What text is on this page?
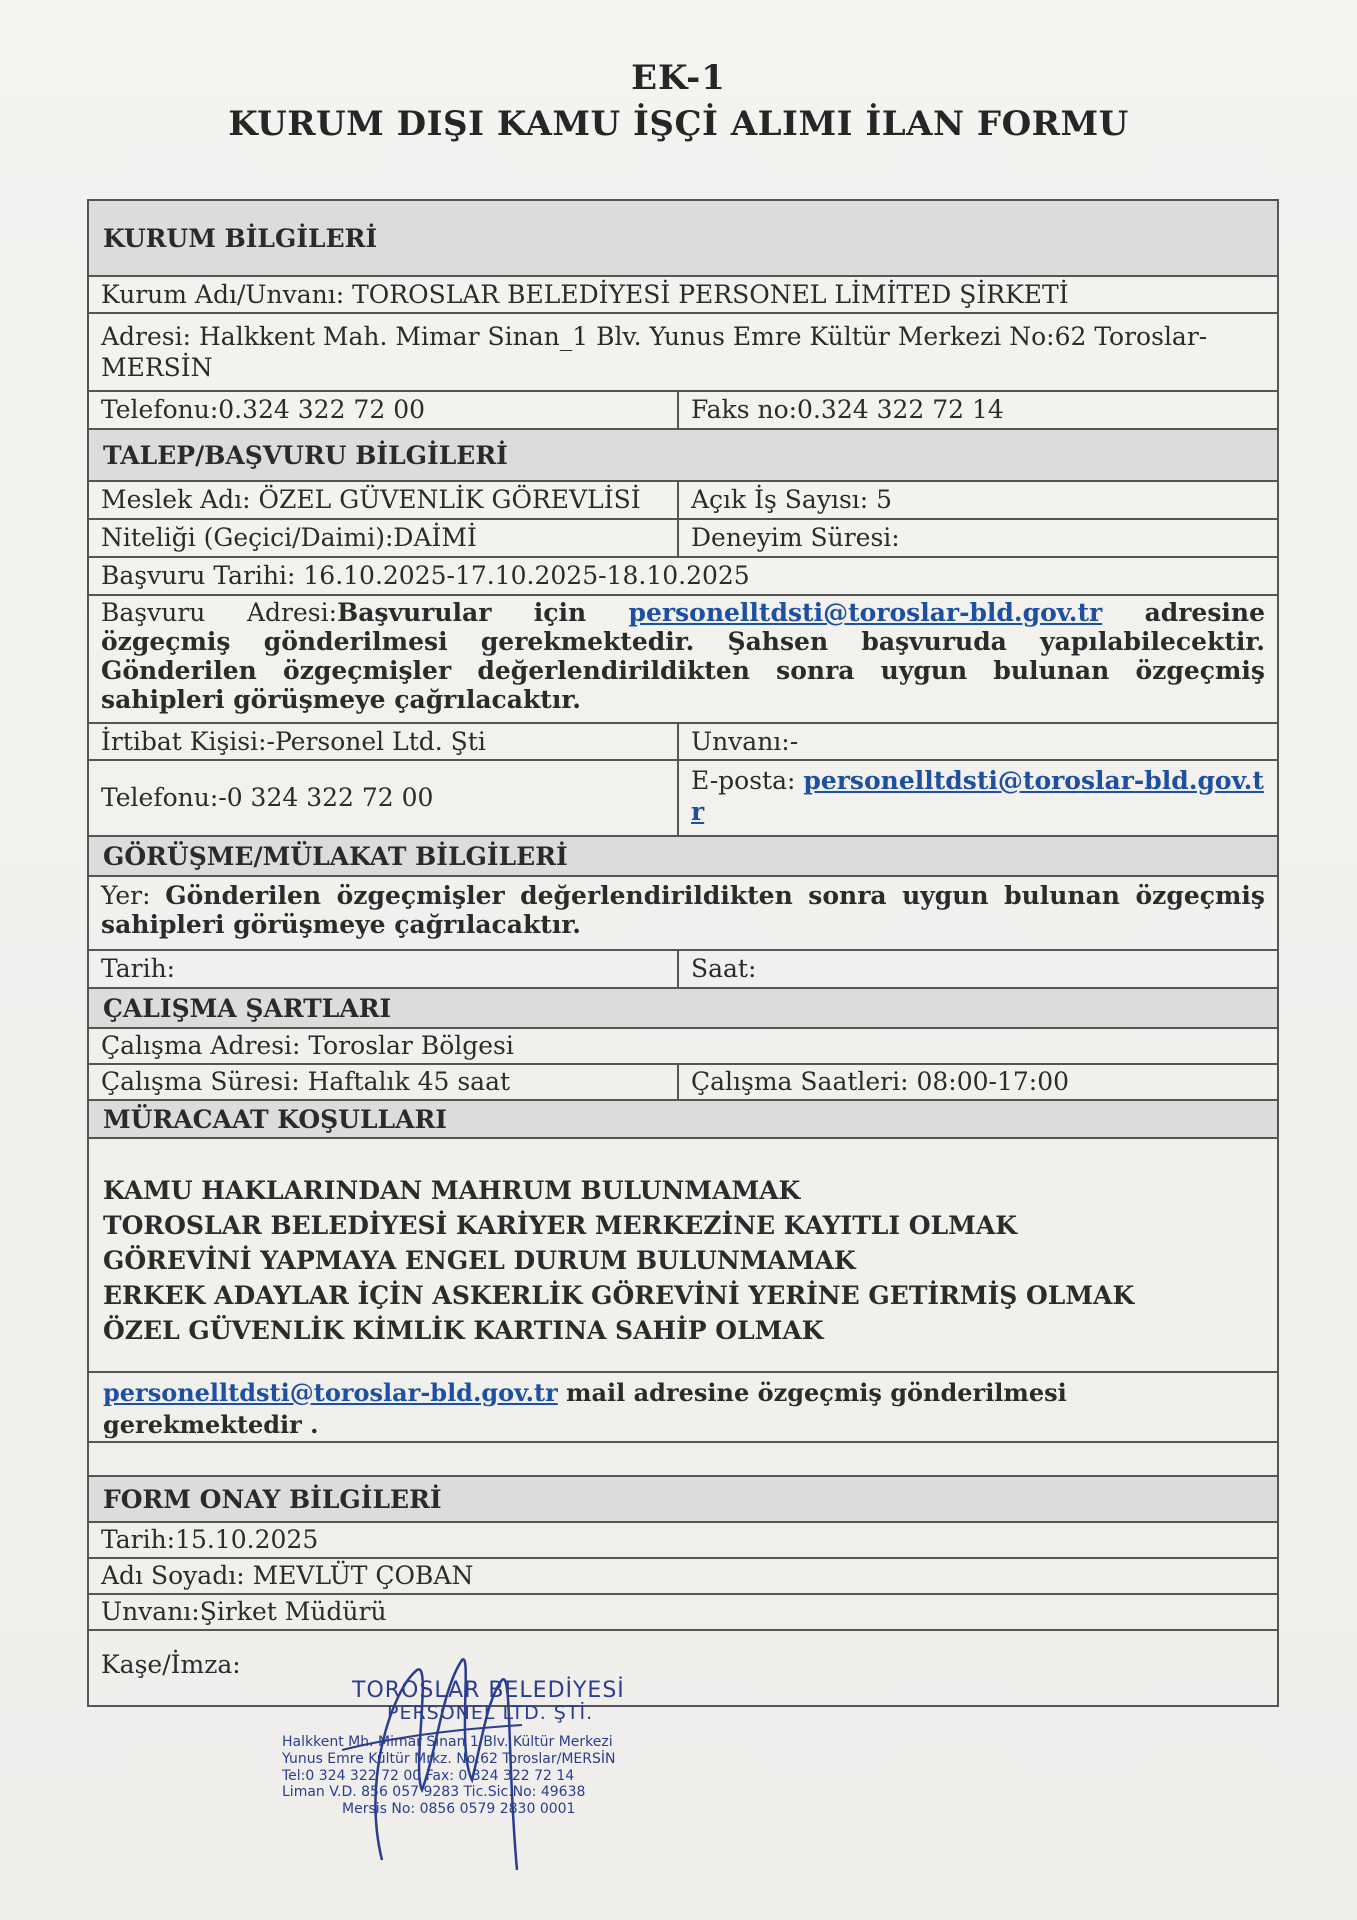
EK-1
KURUM DIŞI KAMU İŞÇİ ALIMI İLAN FORMU
KURUM BİLGİLERİ
Kurum Adı/Unvanı: TOROSLAR BELEDİYESİ PERSONEL LİMİTED ŞİRKETİ
Adresi: Halkkent Mah. Mimar Sinan_1 Blv. Yunus Emre Kültür Merkezi No:62 Toroslar-MERSİN
Telefonu:0.324 322 72 00	Faks no:0.324 322 72 14
TALEP/BAŞVURU BİLGİLERİ
Meslek Adı: ÖZEL GÜVENLİK GÖREVLİSİ	Açık İş Sayısı: 5
Niteliği (Geçici/Daimi): DAİMİ	Deneyim Süresi:
Başvuru Tarihi: 16.10.2025-17.10.2025-18.10.2025
Başvuru Adresi:Başvurular için personelltdsti@toroslar-bld.gov.tr adresine özgeçmiş gönderilmesi gerekmektedir. Şahsen başvuruda yapılabilecektir. Gönderilen özgeçmişler değerlendirildikten sonra uygun bulunan özgeçmiş sahipleri görüşmeye çağrılacaktır.
İrtibat Kişisi:-Personel Ltd. Şti	Unvanı:-
Telefonu:-0 324 322 72 00
E-posta: personelltdsti@toroslar-bld.gov.tr
GÖRÜŞME/MÜLAKAT BİLGİLERİ
Yer: Gönderilen özgeçmişler değerlendirildikten sonra uygun bulunan özgeçmiş sahipleri görüşmeye çağrılacaktır.
Tarih:	Saat:
ÇALIŞMA ŞARTLARI
Çalışma Adresi: Toroslar Bölgesi
Çalışma Süresi: Haftalık 45 saat	Çalışma Saatleri: 08:00-17:00
MÜRACAAT KOŞULLARI
KAMU HAKLARINDAN MAHRUM BULUNMAMAK
TOROSLAR BELEDİYESİ KARİYER MERKEZİNE KAYITLI OLMAK
GÖREVİNİ YAPMAYA ENGEL DURUM BULUNMAMAK
ERKEK ADAYLAR İÇİN ASKERLİK GÖREVİNİ YERİNE GETİRMİŞ OLMAK
ÖZEL GÜVENLİK KİMLİK KARTINA SAHİP OLMAK
personelltdsti@toroslar-bld.gov.tr mail adresine özgeçmiş gönderilmesi gerekmektedir .
FORM ONAY BİLGİLERİ
Tarih:15.10.2025
Adı Soyadı: MEVLÜT ÇOBAN
Unvanı:Şirket Müdürü
Kaşe/İmza:
TOROSLAR BELEDİYESİ
PERSONEL LTD. ŞTİ.
Halkkent Mh. Mimar Sinan 1 Blv. Kültür Merkezi
Yunus Emre Kültür Mrkz. No:62 Toroslar/MERSİN
Tel:0 324 322 72 00 Fax: 0 324 322 72 14
Liman V.D. 856 057 9283 Tic.Sic.No: 49638
Mersis No: 0856 0579 2830 0001
